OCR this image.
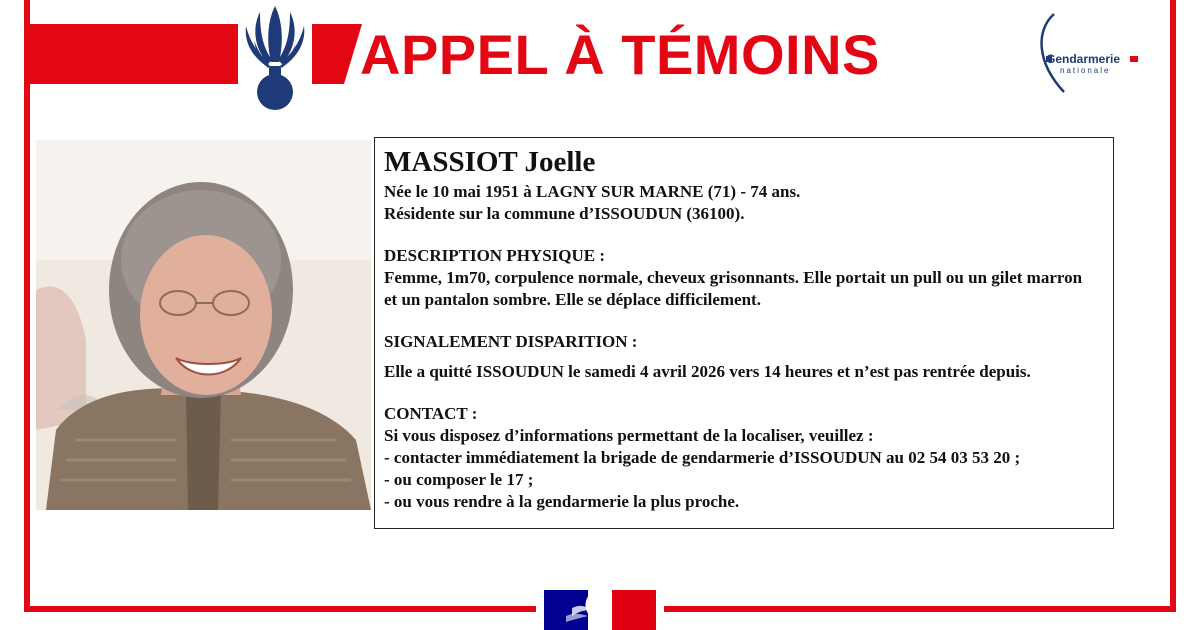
APPEL À TÉMOINS	Gendarmerie
nationale
MASSIOT Joelle
Née le 10 mai 1951 à LAGNY SUR MARNE (71) - 74 ans.
Résidente sur la commune d’ISSOUDUN (36100).
DESCRIPTION PHYSIQUE :
Femme, 1m70, corpulence normale, cheveux grisonnants. Elle portait un pull ou un gilet marron
et un pantalon sombre. Elle se déplace difficilement.
SIGNALEMENT DISPARITION :
Elle a quitté ISSOUDUN le samedi 4 avril 2026 vers 14 heures et n’est pas rentrée depuis.
CONTACT :
Si vous disposez d’informations permettant de la localiser, veuillez :
- contacter immédiatement la brigade de gendarmerie d’ISSOUDUN au 02 54 03 53 20 ;
- ou composer le 17 ;
- ou vous rendre à la gendarmerie la plus proche.
